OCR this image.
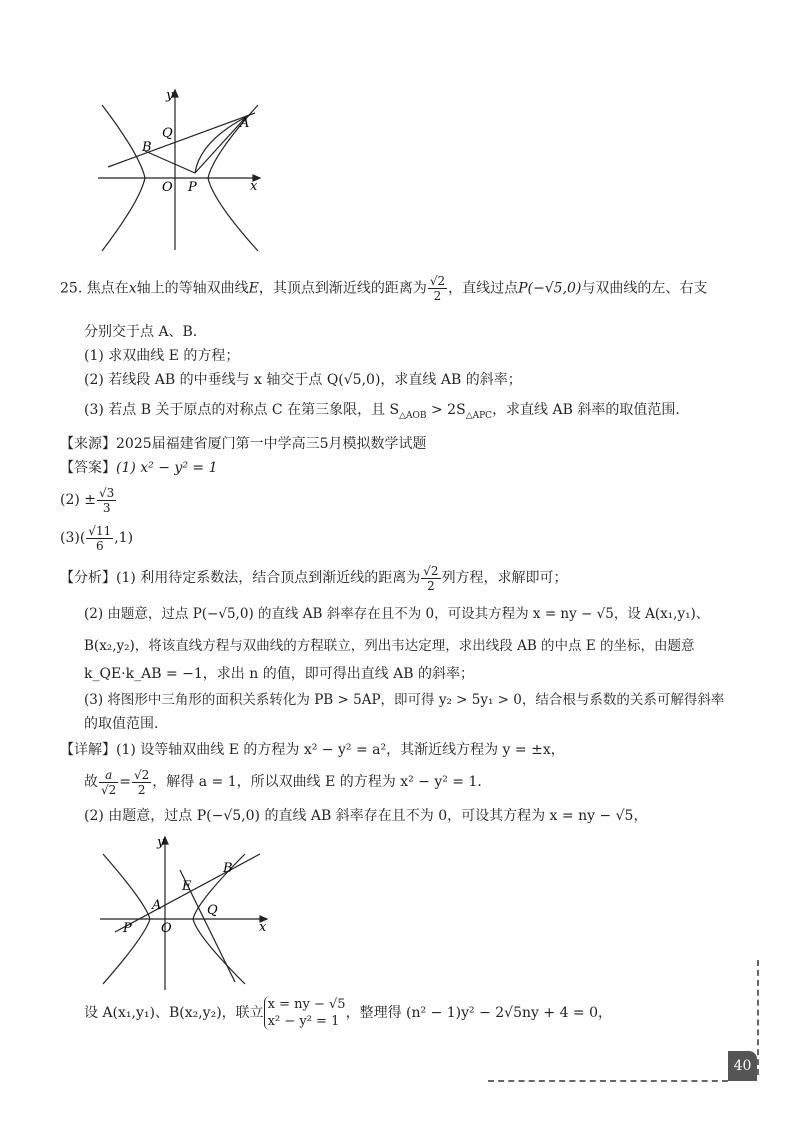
y
x
O
A
B
P
Q
25. 焦点在x轴上的等轴双曲线E，其顶点到渐近线的距离为 $\frac{√2}{2}$ ，直线过点P(−√5,0)与双曲线的左、右支
分别交于点 A、B．
(1) 求双曲线 E 的方程；
(2) 若线段 AB 的中垂线与 x 轴交于点 Q(√5,0)，求直线 AB 的斜率；
(3) 若点 B 关于原点的对称点 C 在第三象限，且 $S_{\triangle AOB} > 2S_{\triangle APC}$，求直线 AB 斜率的取值范围.
【来源】2025届福建省厦门第一中学高三5月模拟数学试题
【答案】(1) x² − y² = 1
$(2) \pm \frac{√3}{3}$
$(3)( \frac{√11}{6} ,1)$
【分析】(1) 利用待定系数法，结合顶点到渐近线的距离为 $\frac{√2}{2}$ 列方程，求解即可；
(2) 由题意，过点 P(−√5,0) 的直线 AB 斜率存在且不为 0，可设其方程为 x = ny − √5，设 A(x₁,y₁)、
B(x₂,y₂)，将该直线方程与双曲线的方程联立，列出韦达定理，求出线段 AB 的中点 E 的坐标，由题意
k_QE·k_AB = −1，求出 n 的值，即可得出直线 AB 的斜率；
(3) 将图形中三角形的面积关系转化为 PB > 5AP，即可得 y₂ > 5y₁ > 0，结合根与系数的关系可解得斜率
的取值范围.
【详解】(1) 设等轴双曲线 E 的方程为 x² − y² = a²，其渐近线方程为 y = ±x，
故 $\frac{a}{√2} = \frac{√2}{2}$ ，解得 a = 1，所以双曲线 E 的方程为 x² − y² = 1．
(2) 由题意，过点 P(−√5,0) 的直线 AB 斜率存在且不为 0，可设其方程为 x = ny − √5，
y
x
O
A
B
E
P
Q
设 A(x₁,y₁)、B(x₂,y₂)，联立
x = ny − √5
x² − y² = 1
，整理得 (n² − 1)y² − 2√5ny + 4 = 0，
40
